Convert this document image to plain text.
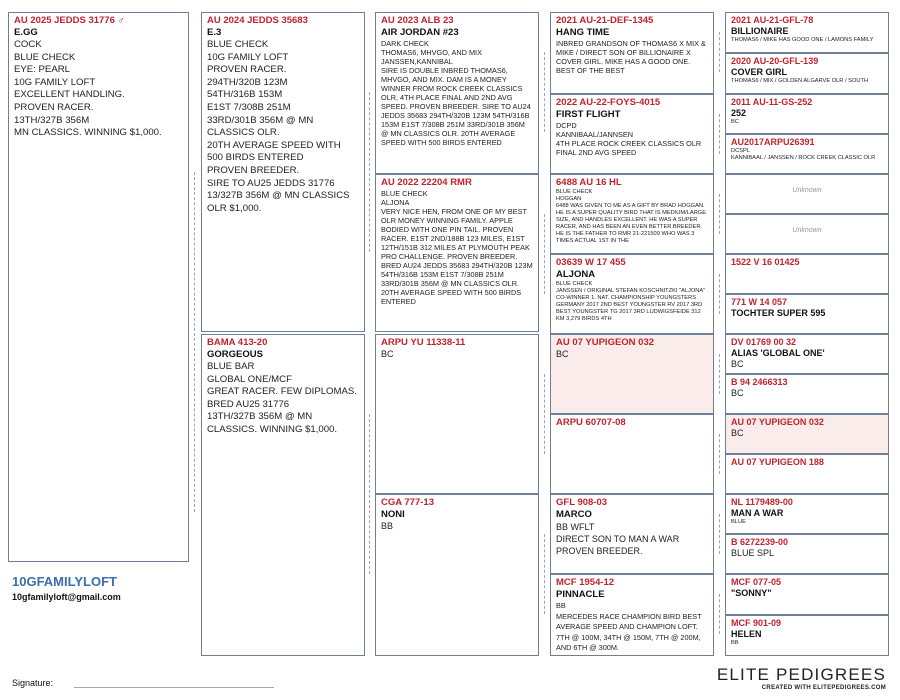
AU 2025 JEDDS 31776 ♂
E.GG
COCK
BLUE CHECK
EYE: PEARL
10G FAMILY LOFT
EXCELLENT HANDLING.
PROVEN RACER.
13TH/327B 356M
MN CLASSICS. WINNING $1,000.
AU 2024 JEDDS 35683
E.3
BLUE CHECK
10G FAMILY LOFT
PROVEN RACER.
294TH/320B 123M
54TH/316B 153M
E1ST 7/308B 251M
33RD/301B 356M @ MN
CLASSICS OLR.
20TH AVERAGE SPEED WITH
500 BIRDS ENTERED
PROVEN BREEDER.
SIRE TO AU25 JEDDS 31776
13/327B 356M @ MN CLASSICS
OLR $1,000.
BAMA 413-20
GORGEOUS
BLUE BAR
GLOBAL ONE/MCF
GREAT RACER. FEW DIPLOMAS.
BRED AU25 31776
13TH/327B 356M @ MN
CLASSICS. WINNING $1,000.
AU 2023 ALB 23
AIR JORDAN #23
DARK CHECK
THOMAS6, MHVGO, AND MIX
JANSSEN,KANNIBAL
SIRE IS DOUBLE INBRED THOMAS6, MHVGO, AND MIX. DAM IS A MONEY WINNER FROM ROCK CREEK CLASSICS OLR, 4TH PLACE FINAL AND 2ND AVG SPEED. PROVEN BREEDER. SIRE TO AU24 JEDDS 35683 294TH/320B 123M 54TH/316B 153M E1ST 7/308B 251M 33RD/301B 356M @ MN CLASSICS OLR. 20TH AVERAGE SPEED WITH 500 BIRDS ENTERED
AU 2022 22204 RMR
BLUE CHECK
ALJONA
VERY NICE HEN, FROM ONE OF MY BEST OLR MONEY WINNING FAMILY. APPLE BODIED WITH ONE PIN TAIL. PROVEN RACER. E1ST 2ND/188B 123 MILES, E1ST 12TH/151B 312 MILES AT PLYMOUTH PEAK PRO CHALLENGE. PROVEN BREEDER. BRED AU24 JEDDS 35683 294TH/320B 123M 54TH/316B 153M E1ST 7/308B 251M 33RD/301B 356M @ MN CLASSICS OLR. 20TH AVERAGE SPEED WITH 500 BIRDS ENTERED
ARPU YU 11338-11
BC
CGA 777-13
NONI
BB
2021 AU-21-DEF-1345
HANG TIME
INBRED GRANDSON OF THOMAS6 X MIX & MIKE / DIRECT SON OF BILLIONAIRE X COVER GIRL. MIKE HAS A GOOD ONE. BEST OF THE BEST
2022 AU-22-FOYS-4015
FIRST FLIGHT
DCPD
KANNIBAAL/JANNSEN
4TH PLACE ROCK CREEK CLASSICS OLR FINAL 2ND AVG SPEED
6488 AU 16 HL
BLUE CHECK
HOGGAN
6488 WAS GIVEN TO ME AS A GIFT BY BRAD HOGGAN. HE IS A SUPER QUALITY BIRD THAT IS MEDIUM/LARGE SIZE, AND HANDLES EXCELLENT. HE WAS A SUPER RACER, AND HAS BEEN AN EVEN BETTER BREEDER. HE IS THE FATHER TO RMR 21-221509 WHO WAS 3 TIMES ACTUAL 1ST IN THE
03639 W 17 455
ALJONA
BLUE CHECK
JANSSEN / ORIGINAL STEFAN KOSCHNITZKI "ALJONA" CO-WINNER 1. NAT. CHAMPIONSHIP YOUNGSTERS GERMANY 2017 2ND BEST YOUNGSTER RV 2017 3RD BEST YOUNGSTER TG 2017 3RD LUDWIGSFEIDE 312 KM 3,279 BIRDS 4TH
AU 07 YUPIGEON 032
BC
ARPU 60707-08
GFL 908-03
MARCO
BB WFLT
DIRECT SON TO MAN A WAR
PROVEN BREEDER.
MCF 1954-12
PINNACLE
BB
MERCEDES RACE CHAMPION BIRD BEST AVERAGE SPEED AND CHAMPION LOFT. 7TH @ 100M, 34TH @ 150M, 7TH @ 200M, AND 6TH @ 300M.
2021 AU-21-GFL-78
BILLIONAIRE
THOMAS6 / MIKE HAS GOOD ONE / LAMONS FAMILY
2020 AU-20-GFL-139
COVER GIRL
THOMAS6 / MIX / GOLDEN ALGARVE OLR / SOUTH
2011 AU-11-GS-252
252
BC
AU2017ARPU26391
DCSPL
KANNIBAAL / JANSSEN / ROCK CREEK CLASSIC OLR
Unknown
Unknown
1522 V 16 01425
771 W 14 057
TOCHTER SUPER 595
DV 01769 00 32
ALIAS 'GLOBAL ONE'
BC
B 94 2466313
BC
AU 07 YUPIGEON 032
BC
AU 07 YUPIGEON 188
NL 1179489-00
MAN A WAR
BLUE
B 6272239-00
BLUE SPL
MCF 077-05
"SONNY"
MCF 901-09
HELEN
BB
10GFAMILYLOFT
10gfamilyloft@gmail.com
Signature:	ELITE PEDIGREES
CREATED WITH ELITEPEDIGREES.COM
